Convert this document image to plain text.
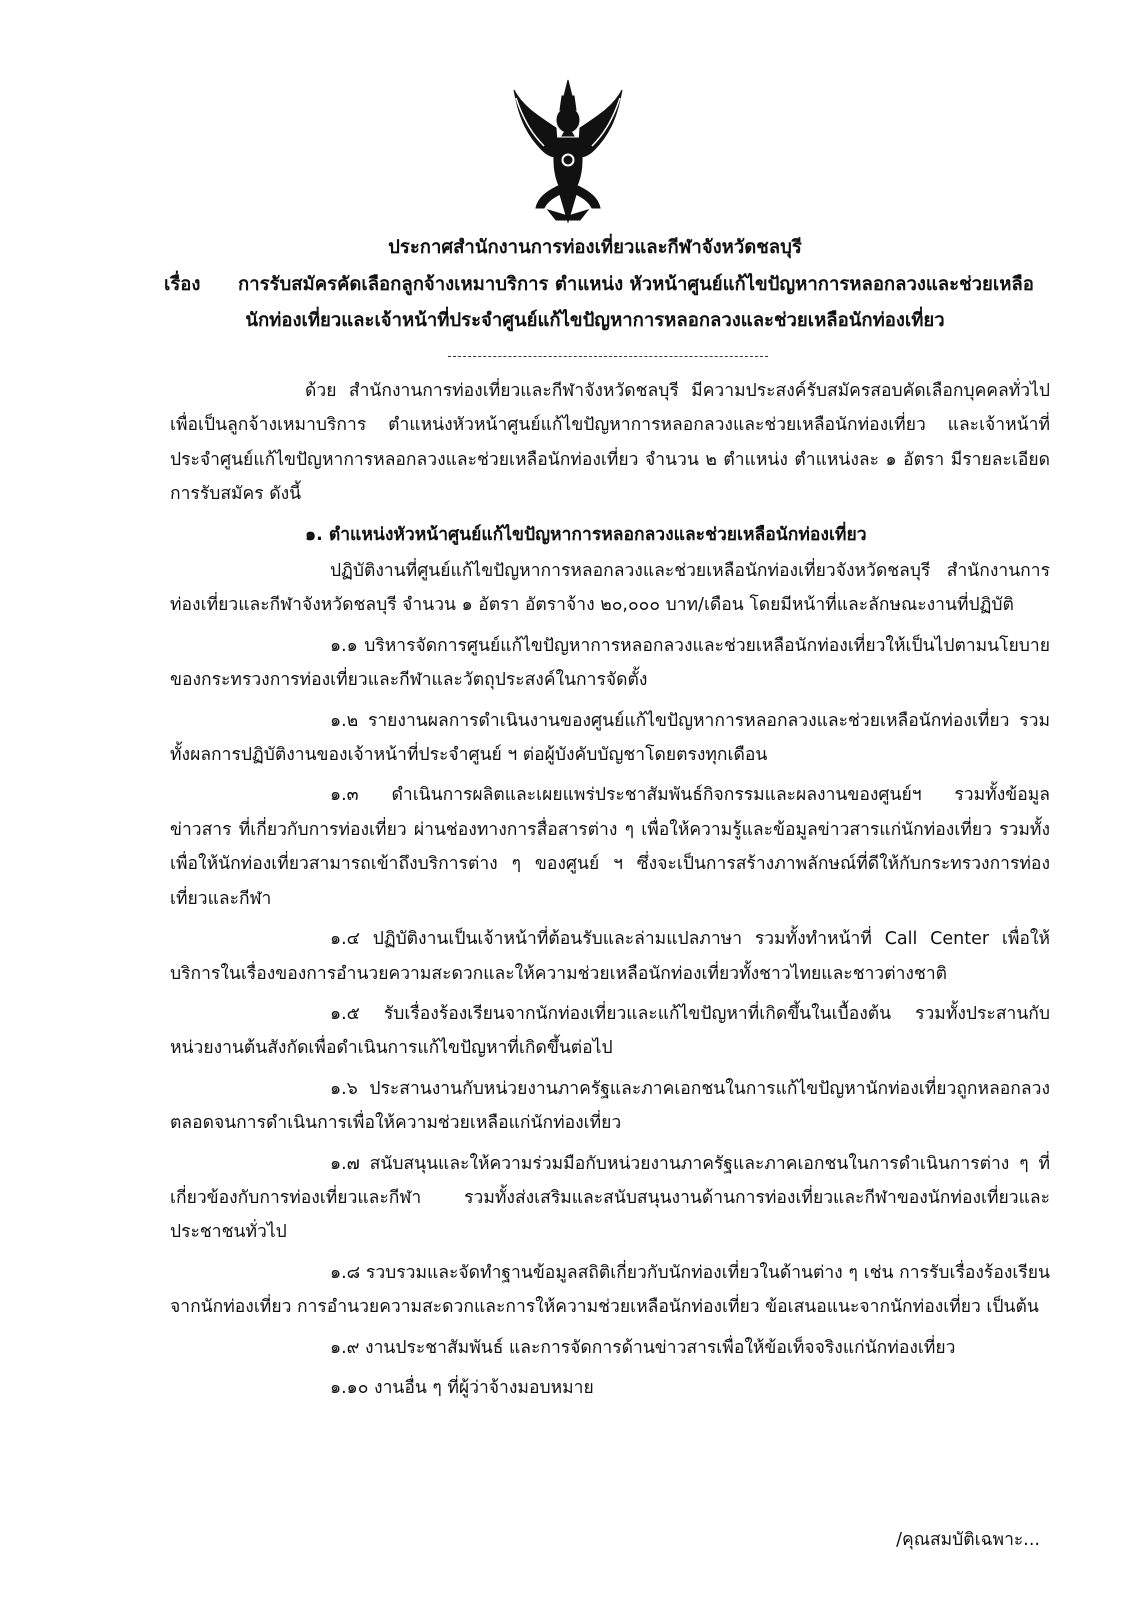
ประกาศสำนักงานการท่องเที่ยวและกีฬาจังหวัดชลบุรี
เรื่อง การรับสมัครคัดเลือกลูกจ้างเหมาบริการ ตำแหน่ง หัวหน้าศูนย์แก้ไขปัญหาการหลอกลวงและช่วยเหลือ
นักท่องเที่ยวและเจ้าหน้าที่ประจำศูนย์แก้ไขปัญหาการหลอกลวงและช่วยเหลือนักท่องเที่ยว

ด้วย สำนักงานการท่องเที่ยวและกีฬาจังหวัดชลบุรี มีความประสงค์รับสมัครสอบคัดเลือกบุคคลทั่วไป เพื่อเป็นลูกจ้างเหมาบริการ ตำแหน่งหัวหน้าศูนย์แก้ไขปัญหาการหลอกลวงและช่วยเหลือนักท่องเที่ยว และเจ้าหน้าที่ประจำศูนย์แก้ไขปัญหาการหลอกลวงและช่วยเหลือนักท่องเที่ยว จำนวน ๒ ตำแหน่ง ตำแหน่งละ ๑ อัตรา มีรายละเอียดการรับสมัคร ดังนี้

๑. ตำแหน่งหัวหน้าศูนย์แก้ไขปัญหาการหลอกลวงและช่วยเหลือนักท่องเที่ยว

ปฏิบัติงานที่ศูนย์แก้ไขปัญหาการหลอกลวงและช่วยเหลือนักท่องเที่ยวจังหวัดชลบุรี สำนักงานการท่องเที่ยวและกีฬาจังหวัดชลบุรี จำนวน ๑ อัตรา อัตราจ้าง ๒๐,๐๐๐ บาท/เดือน โดยมีหน้าที่และลักษณะงานที่ปฏิบัติ

๑.๑ บริหารจัดการศูนย์แก้ไขปัญหาการหลอกลวงและช่วยเหลือนักท่องเที่ยวให้เป็นไปตามนโยบายของกระทรวงการท่องเที่ยวและกีฬาและวัตถุประสงค์ในการจัดตั้ง

๑.๒ รายงานผลการดำเนินงานของศูนย์แก้ไขปัญหาการหลอกลวงและช่วยเหลือนักท่องเที่ยว รวมทั้งผลการปฏิบัติงานของเจ้าหน้าที่ประจำศูนย์ ฯ ต่อผู้บังคับบัญชาโดยตรงทุกเดือน

๑.๓ ดำเนินการผลิตและเผยแพร่ประชาสัมพันธ์กิจกรรมและผลงานของศูนย์ฯ รวมทั้งข้อมูลข่าวสาร ที่เกี่ยวกับการท่องเที่ยว ผ่านช่องทางการสื่อสารต่าง ๆ เพื่อให้ความรู้และข้อมูลข่าวสารแก่นักท่องเที่ยว รวมทั้งเพื่อให้นักท่องเที่ยวสามารถเข้าถึงบริการต่าง ๆ ของศูนย์ ฯ ซึ่งจะเป็นการสร้างภาพลักษณ์ที่ดีให้กับกระทรวงการท่องเที่ยวและกีฬา

๑.๔ ปฏิบัติงานเป็นเจ้าหน้าที่ต้อนรับและล่ามแปลภาษา รวมทั้งทำหน้าที่ Call Center เพื่อให้บริการในเรื่องของการอำนวยความสะดวกและให้ความช่วยเหลือนักท่องเที่ยวทั้งชาวไทยและชาวต่างชาติ

๑.๕ รับเรื่องร้องเรียนจากนักท่องเที่ยวและแก้ไขปัญหาที่เกิดขึ้นในเบื้องต้น รวมทั้งประสานกับหน่วยงานต้นสังกัดเพื่อดำเนินการแก้ไขปัญหาที่เกิดขึ้นต่อไป

๑.๖ ประสานงานกับหน่วยงานภาครัฐและภาคเอกชนในการแก้ไขปัญหานักท่องเที่ยวถูกหลอกลวง ตลอดจนการดำเนินการเพื่อให้ความช่วยเหลือแก่นักท่องเที่ยว

๑.๗ สนับสนุนและให้ความร่วมมือกับหน่วยงานภาครัฐและภาคเอกชนในการดำเนินการต่าง ๆ ที่เกี่ยวข้องกับการท่องเที่ยวและกีฬา รวมทั้งส่งเสริมและสนับสนุนงานด้านการท่องเที่ยวและกีฬาของนักท่องเที่ยวและประชาชนทั่วไป

๑.๘ รวบรวมและจัดทำฐานข้อมูลสถิติเกี่ยวกับนักท่องเที่ยวในด้านต่าง ๆ เช่น การรับเรื่องร้องเรียนจากนักท่องเที่ยว การอำนวยความสะดวกและการให้ความช่วยเหลือนักท่องเที่ยว ข้อเสนอแนะจากนักท่องเที่ยว เป็นต้น

๑.๙ งานประชาสัมพันธ์ และการจัดการด้านข่าวสารเพื่อให้ข้อเท็จจริงแก่นักท่องเที่ยว

๑.๑๐ งานอื่น ๆ ที่ผู้ว่าจ้างมอบหมาย

/คุณสมบัติเฉพาะ...
